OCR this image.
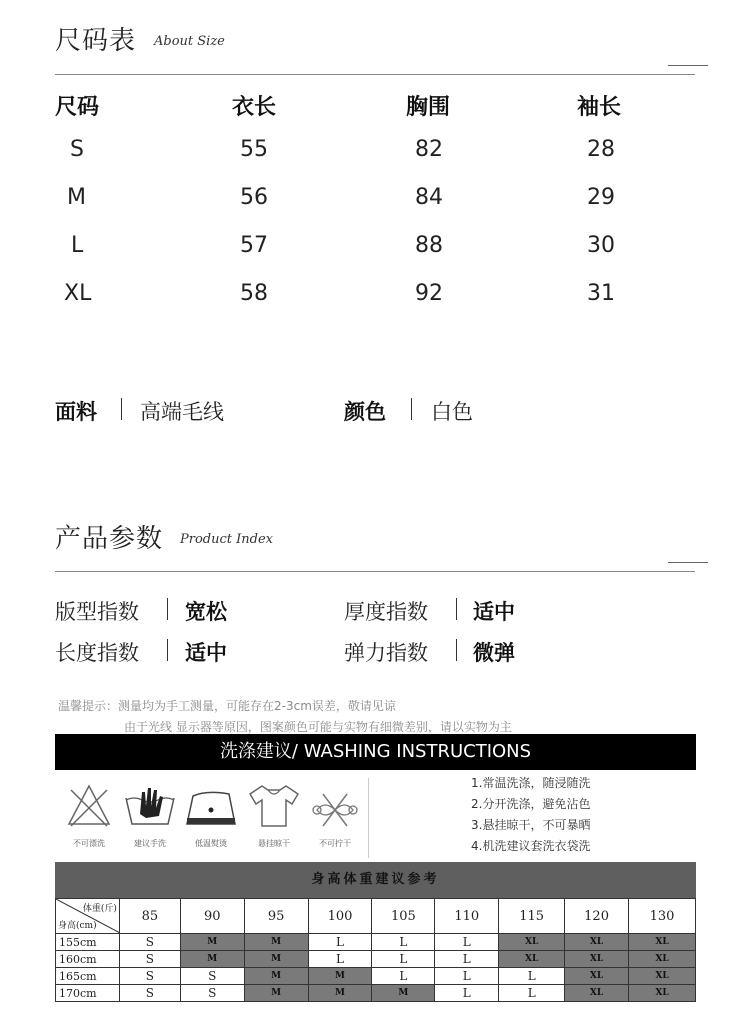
尺码表 About Size
尺码	衣长	胸围	袖长
S	55	82	28
M	56	84	29
L	57	88	30
XL	58	92	31
面料 高端毛线	颜色 白色
产品参数 Product Index
版型指数 宽松	厚度指数 适中
长度指数 适中	弹力指数 微弹
温馨提示：测量均为手工测量，可能存在2-3cm误差，敬请见谅
由于光线 显示器等原因，图案颜色可能与实物有细微差别，请以实物为主
洗涤建议/ WASHING INSTRUCTIONS
不可漂洗	建议手洗	低温熨烫	悬挂晾干	不可拧干
1.常温洗涤，随浸随洗
2.分开洗涤，避免沾色
3.悬挂晾干，不可暴晒
4.机洗建议套洗衣袋洗
身高体重建议参考
体重(斤)
身高(cm)	85	90	95	100	105	110	115	120	130
155cm	S	M	M	L	L	L	XL	XL	XL
160cm	S	M	M	L	L	L	XL	XL	XL
165cm	S	S	M	M	L	L	L	XL	XL
170cm	S	S	M	M	M	L	L	XL	XL
